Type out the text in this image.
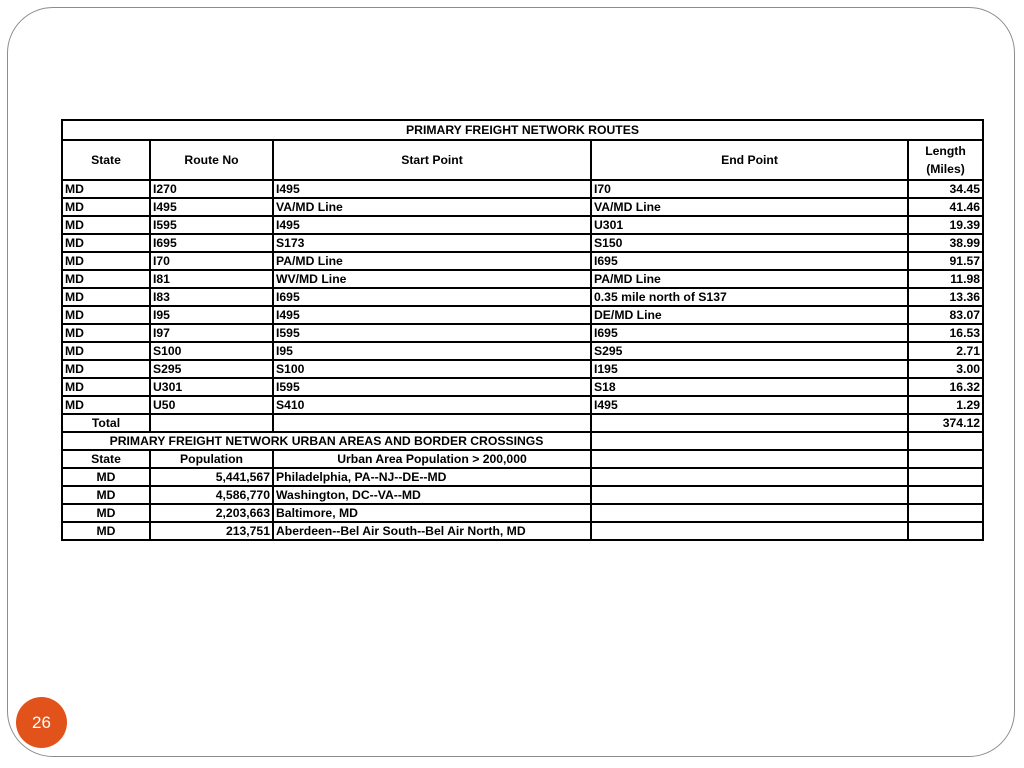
PRIMARY FREIGHT NETWORK ROUTES				
State	Route No	Start Point	End Point	Length
(Miles)
MD	I270	I495	I70	34.45
MD	I495	VA/MD Line	VA/MD Line	41.46
MD	I595	I495	U301	19.39
MD	I695	S173	S150	38.99
MD	I70	PA/MD Line	I695	91.57
MD	I81	WV/MD Line	PA/MD Line	11.98
MD	I83	I695	0.35 mile north of S137	13.36
MD	I95	I495	DE/MD Line	83.07
MD	I97	I595	I695	16.53
MD	S100	I95	S295	2.71
MD	S295	S100	I195	3.00
MD	U301	I595	S18	16.32
MD	U50	S410	I495	1.29
Total				374.12
PRIMARY FREIGHT NETWORK URBAN AREAS AND BORDER CROSSINGS				
State	Population	Urban Area Population > 200,000		
MD	5,441,567	Philadelphia, PA--NJ--DE--MD		
MD	4,586,770	Washington, DC--VA--MD		
MD	2,203,663	Baltimore, MD		
MD	213,751	Aberdeen--Bel Air South--Bel Air North, MD		
26
